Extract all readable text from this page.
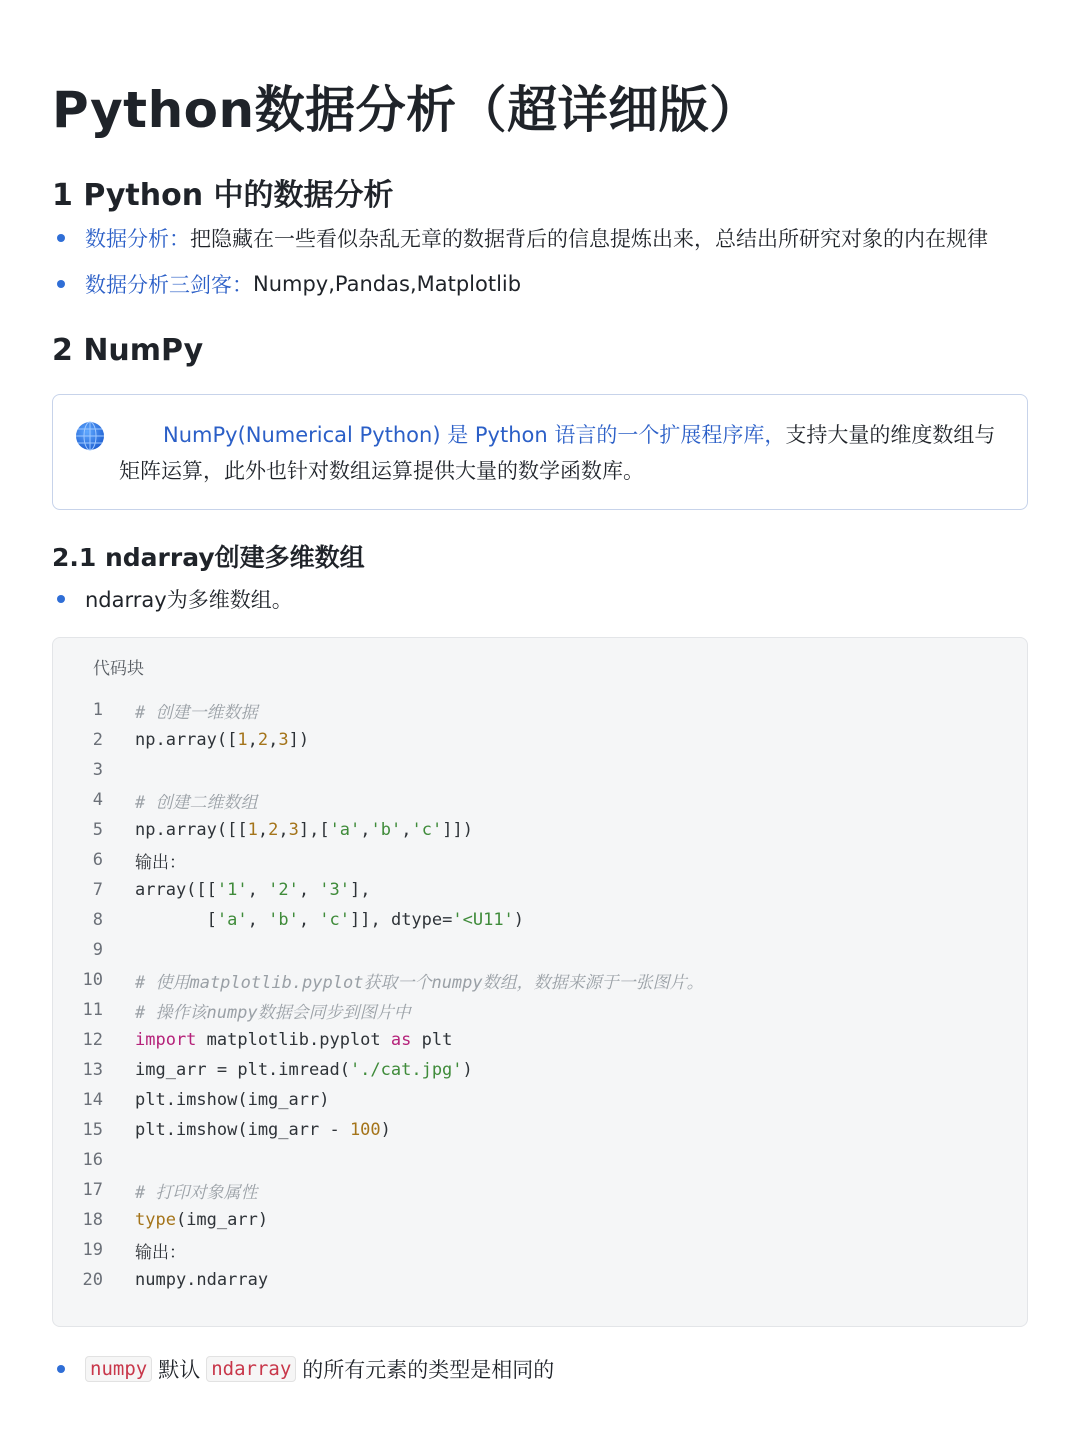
Python数据分析（超详细版）
1 Python 中的数据分析
数据分析： 把隐藏在一些看似杂乱无章的数据背后的信息提炼出来，总结出所研究对象的内在规律
数据分析三剑客： Numpy,Pandas,Matplotlib
2 NumPy
NumPy(Numerical Python) 是 Python 语言的一个扩展程序库，支持大量的维度数组与
矩阵运算，此外也针对数组运算提供大量的数学函数库。
2.1 ndarray创建多维数组
ndarray为多维数组。
代码块
1 # 创建一维数据
2 np.array([1,2,3])
3
4 # 创建二维数组
5 np.array([[1,2,3],['a','b','c']])
6 输出：
7 array([['1', '2', '3'],
8 ['a', 'b', 'c']], dtype='<U11')
9
10 # 使用matplotlib.pyplot获取一个numpy数组，数据来源于一张图片。
11 # 操作该numpy数据会同步到图片中
12 import matplotlib.pyplot as plt
13 img_arr = plt.imread('./cat.jpg')
14 plt.imshow(img_arr)
15 plt.imshow(img_arr - 100)
16
17 # 打印对象属性
18 type(img_arr)
19 输出：
20 numpy.ndarray
numpy 默认 ndarray 的所有元素的类型是相同的
